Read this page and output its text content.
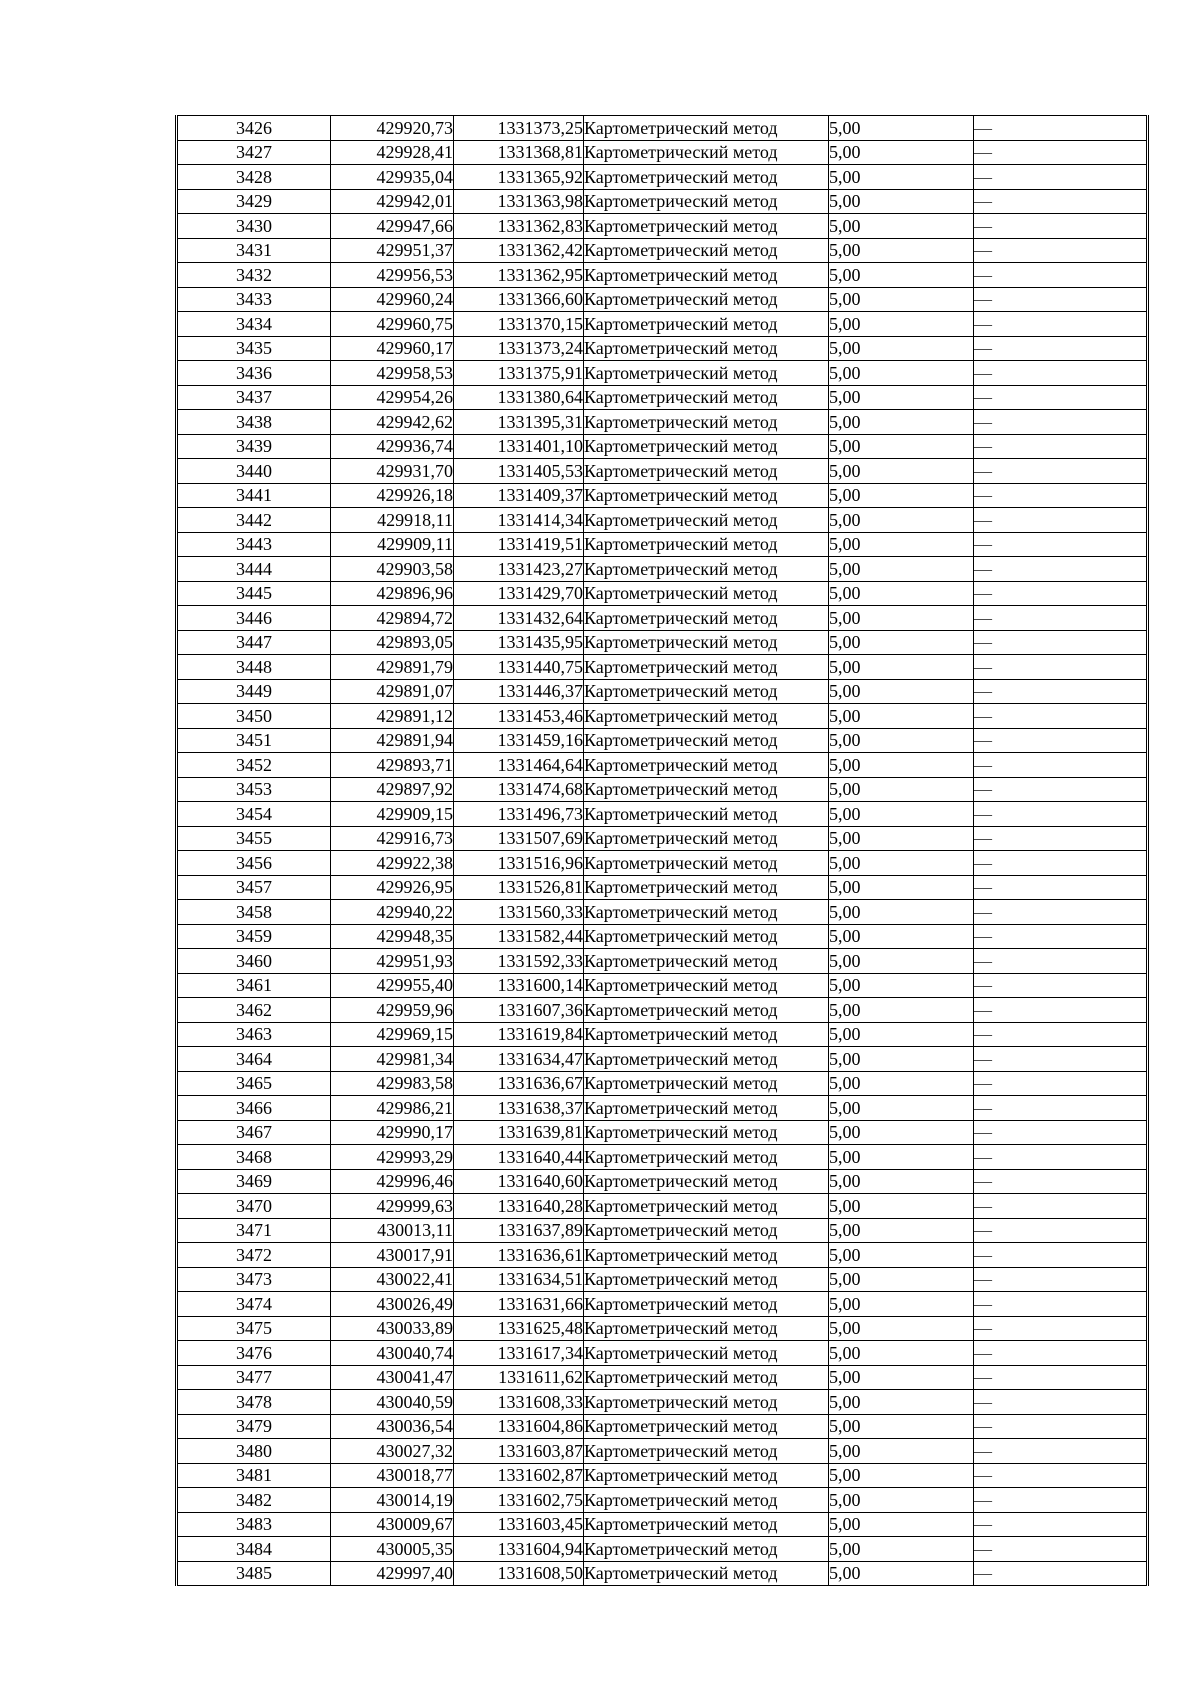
3426	429920,73	1331373,25	Картометрический метод	5,00	—
3427	429928,41	1331368,81	Картометрический метод	5,00	—
3428	429935,04	1331365,92	Картометрический метод	5,00	—
3429	429942,01	1331363,98	Картометрический метод	5,00	—
3430	429947,66	1331362,83	Картометрический метод	5,00	—
3431	429951,37	1331362,42	Картометрический метод	5,00	—
3432	429956,53	1331362,95	Картометрический метод	5,00	—
3433	429960,24	1331366,60	Картометрический метод	5,00	—
3434	429960,75	1331370,15	Картометрический метод	5,00	—
3435	429960,17	1331373,24	Картометрический метод	5,00	—
3436	429958,53	1331375,91	Картометрический метод	5,00	—
3437	429954,26	1331380,64	Картометрический метод	5,00	—
3438	429942,62	1331395,31	Картометрический метод	5,00	—
3439	429936,74	1331401,10	Картометрический метод	5,00	—
3440	429931,70	1331405,53	Картометрический метод	5,00	—
3441	429926,18	1331409,37	Картометрический метод	5,00	—
3442	429918,11	1331414,34	Картометрический метод	5,00	—
3443	429909,11	1331419,51	Картометрический метод	5,00	—
3444	429903,58	1331423,27	Картометрический метод	5,00	—
3445	429896,96	1331429,70	Картометрический метод	5,00	—
3446	429894,72	1331432,64	Картометрический метод	5,00	—
3447	429893,05	1331435,95	Картометрический метод	5,00	—
3448	429891,79	1331440,75	Картометрический метод	5,00	—
3449	429891,07	1331446,37	Картометрический метод	5,00	—
3450	429891,12	1331453,46	Картометрический метод	5,00	—
3451	429891,94	1331459,16	Картометрический метод	5,00	—
3452	429893,71	1331464,64	Картометрический метод	5,00	—
3453	429897,92	1331474,68	Картометрический метод	5,00	—
3454	429909,15	1331496,73	Картометрический метод	5,00	—
3455	429916,73	1331507,69	Картометрический метод	5,00	—
3456	429922,38	1331516,96	Картометрический метод	5,00	—
3457	429926,95	1331526,81	Картометрический метод	5,00	—
3458	429940,22	1331560,33	Картометрический метод	5,00	—
3459	429948,35	1331582,44	Картометрический метод	5,00	—
3460	429951,93	1331592,33	Картометрический метод	5,00	—
3461	429955,40	1331600,14	Картометрический метод	5,00	—
3462	429959,96	1331607,36	Картометрический метод	5,00	—
3463	429969,15	1331619,84	Картометрический метод	5,00	—
3464	429981,34	1331634,47	Картометрический метод	5,00	—
3465	429983,58	1331636,67	Картометрический метод	5,00	—
3466	429986,21	1331638,37	Картометрический метод	5,00	—
3467	429990,17	1331639,81	Картометрический метод	5,00	—
3468	429993,29	1331640,44	Картометрический метод	5,00	—
3469	429996,46	1331640,60	Картометрический метод	5,00	—
3470	429999,63	1331640,28	Картометрический метод	5,00	—
3471	430013,11	1331637,89	Картометрический метод	5,00	—
3472	430017,91	1331636,61	Картометрический метод	5,00	—
3473	430022,41	1331634,51	Картометрический метод	5,00	—
3474	430026,49	1331631,66	Картометрический метод	5,00	—
3475	430033,89	1331625,48	Картометрический метод	5,00	—
3476	430040,74	1331617,34	Картометрический метод	5,00	—
3477	430041,47	1331611,62	Картометрический метод	5,00	—
3478	430040,59	1331608,33	Картометрический метод	5,00	—
3479	430036,54	1331604,86	Картометрический метод	5,00	—
3480	430027,32	1331603,87	Картометрический метод	5,00	—
3481	430018,77	1331602,87	Картометрический метод	5,00	—
3482	430014,19	1331602,75	Картометрический метод	5,00	—
3483	430009,67	1331603,45	Картометрический метод	5,00	—
3484	430005,35	1331604,94	Картометрический метод	5,00	—
3485	429997,40	1331608,50	Картометрический метод	5,00	—
